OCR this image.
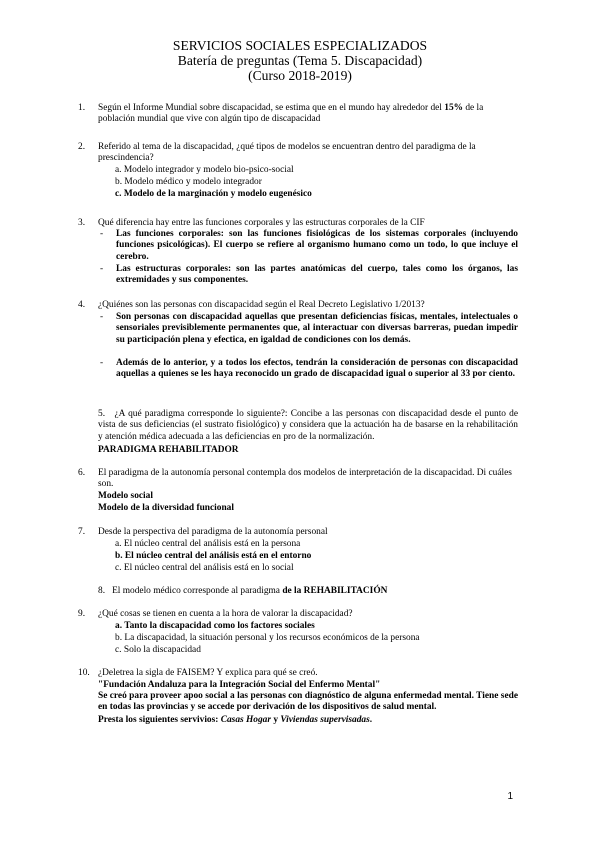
SERVICIOS SOCIALES ESPECIALIZADOS
Batería de preguntas (Tema 5. Discapacidad)
(Curso 2018-2019)
1. Según el Informe Mundial sobre discapacidad, se estima que en el mundo hay alrededor del 15% de la población mundial que vive con algún tipo de discapacidad
2. Referido al tema de la discapacidad, ¿qué tipos de modelos se encuentran dentro del paradigma de la prescindencia?
a. Modelo integrador y modelo bio-psico-social
b. Modelo médico y modelo integrador
c. Modelo de la marginación y modelo eugenésico
3. Qué diferencia hay entre las funciones corporales y las estructuras corporales de la CIF
- Las funciones corporales: son las funciones fisiológicas de los sistemas corporales (incluyendo funciones psicológicas). El cuerpo se refiere al organismo humano como un todo, lo que incluye el cerebro.
- Las estructuras corporales: son las partes anatómicas del cuerpo, tales como los órganos, las extremidades y sus componentes.
4. ¿Quiénes son las personas con discapacidad según el Real Decreto Legislativo 1/2013?
- Son personas con discapacidad aquellas que presentan deficiencias físicas, mentales, intelectuales o sensoriales previsiblemente permanentes que, al interactuar con diversas barreras, puedan impedir su participación plena y efectica, en igaldad de condiciones con los demás.
- Además de lo anterior, y a todos los efectos, tendrán la consideración de personas con discapacidad aquellas a quienes se les haya reconocido un grado de discapacidad igual o superior al 33 por ciento.
5. ¿A qué paradigma corresponde lo siguiente?: Concibe a las personas con discapacidad desde el punto de vista de sus deficiencias (el sustrato fisiológico) y considera que la actuación ha de basarse en la rehabilitación y atención médica adecuada a las deficiencias en pro de la normalización.
PARADIGMA REHABILITADOR
6. El paradigma de la autonomía personal contempla dos modelos de interpretación de la discapacidad. Di cuáles son.
Modelo social
Modelo de la diversidad funcional
7. Desde la perspectiva del paradigma de la autonomía personal
a. El núcleo central del análisis está en la persona
b. El núcleo central del análisis está en el entorno
c. El núcleo central del análisis está en lo social
8. El modelo médico corresponde al paradigma de la REHABILITACIÓN
9. ¿Qué cosas se tienen en cuenta a la hora de valorar la discapacidad?
a. Tanto la discapacidad como los factores sociales
b. La discapacidad, la situación personal y los recursos económicos de la persona
c. Solo la discapacidad
10. ¿Deletrea la sigla de FAISEM? Y explica para qué se creó.
"Fundación Andaluza para la Integración Social del Enfermo Mental"
Se creó para proveer apoo social a las personas con diagnóstico de alguna enfermedad mental. Tiene sede en todas las provincias y se accede por derivación de los dispositivos de salud mental.
Presta los siguientes servivios: Casas Hogar y Viviendas supervisadas.
1
